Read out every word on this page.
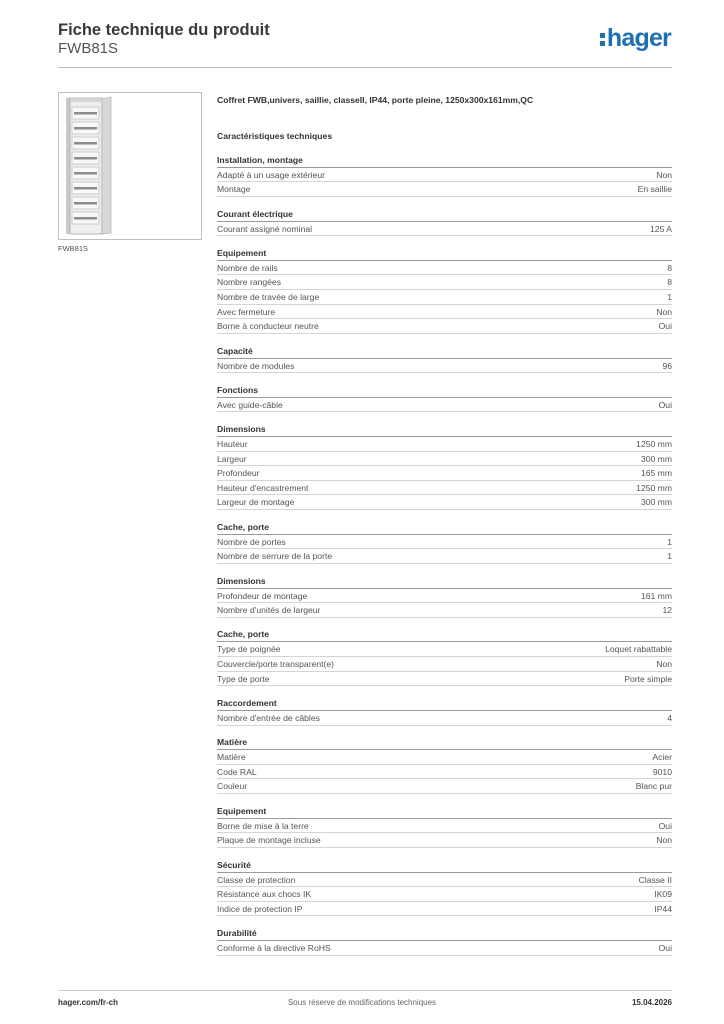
Fiche technique du produit
FWB81S	hager
FWB81S
Coffret FWB,univers, saillie, classeII, IP44, porte pleine, 1250x300x161mm,QC
Caractéristiques techniques
Installation, montage
Adapté à un usage extérieur	Non
Montage	En saillie
Courant électrique
Courant assigné nominal	125 A
Equipement
Nombre de rails	8
Nombre rangées	8
Nombre de travée de large	1
Avec fermeture	Non
Borne à conducteur neutre	Oui
Capacité
Nombre de modules	96
Fonctions
Avec guide-câble	Oui
Dimensions
Hauteur	1250 mm
Largeur	300 mm
Profondeur	165 mm
Hauteur d'encastrement	1250 mm
Largeur de montage	300 mm
Cache, porte
Nombre de portes	1
Nombre de serrure de la porte	1
Dimensions
Profondeur de montage	161 mm
Nombre d'unités de largeur	12
Cache, porte
Type de poignée	Loquet rabattable
Couvercle/porte transparent(e)	Non
Type de porte	Porte simple
Raccordement
Nombre d'entrée de câbles	4
Matière
Matière	Acier
Code RAL	9010
Couleur	Blanc pur
Equipement
Borne de mise à la terre	Oui
Plaque de montage incluse	Non
Sécurité
Classe de protection	Classe II
Résistance aux chocs IK	IK09
Indice de protection IP	IP44
Durabilité
Conforme à la directive RoHS	Oui
hager.com/fr-ch	Sous réserve de modifications techniques	15.04.2026
